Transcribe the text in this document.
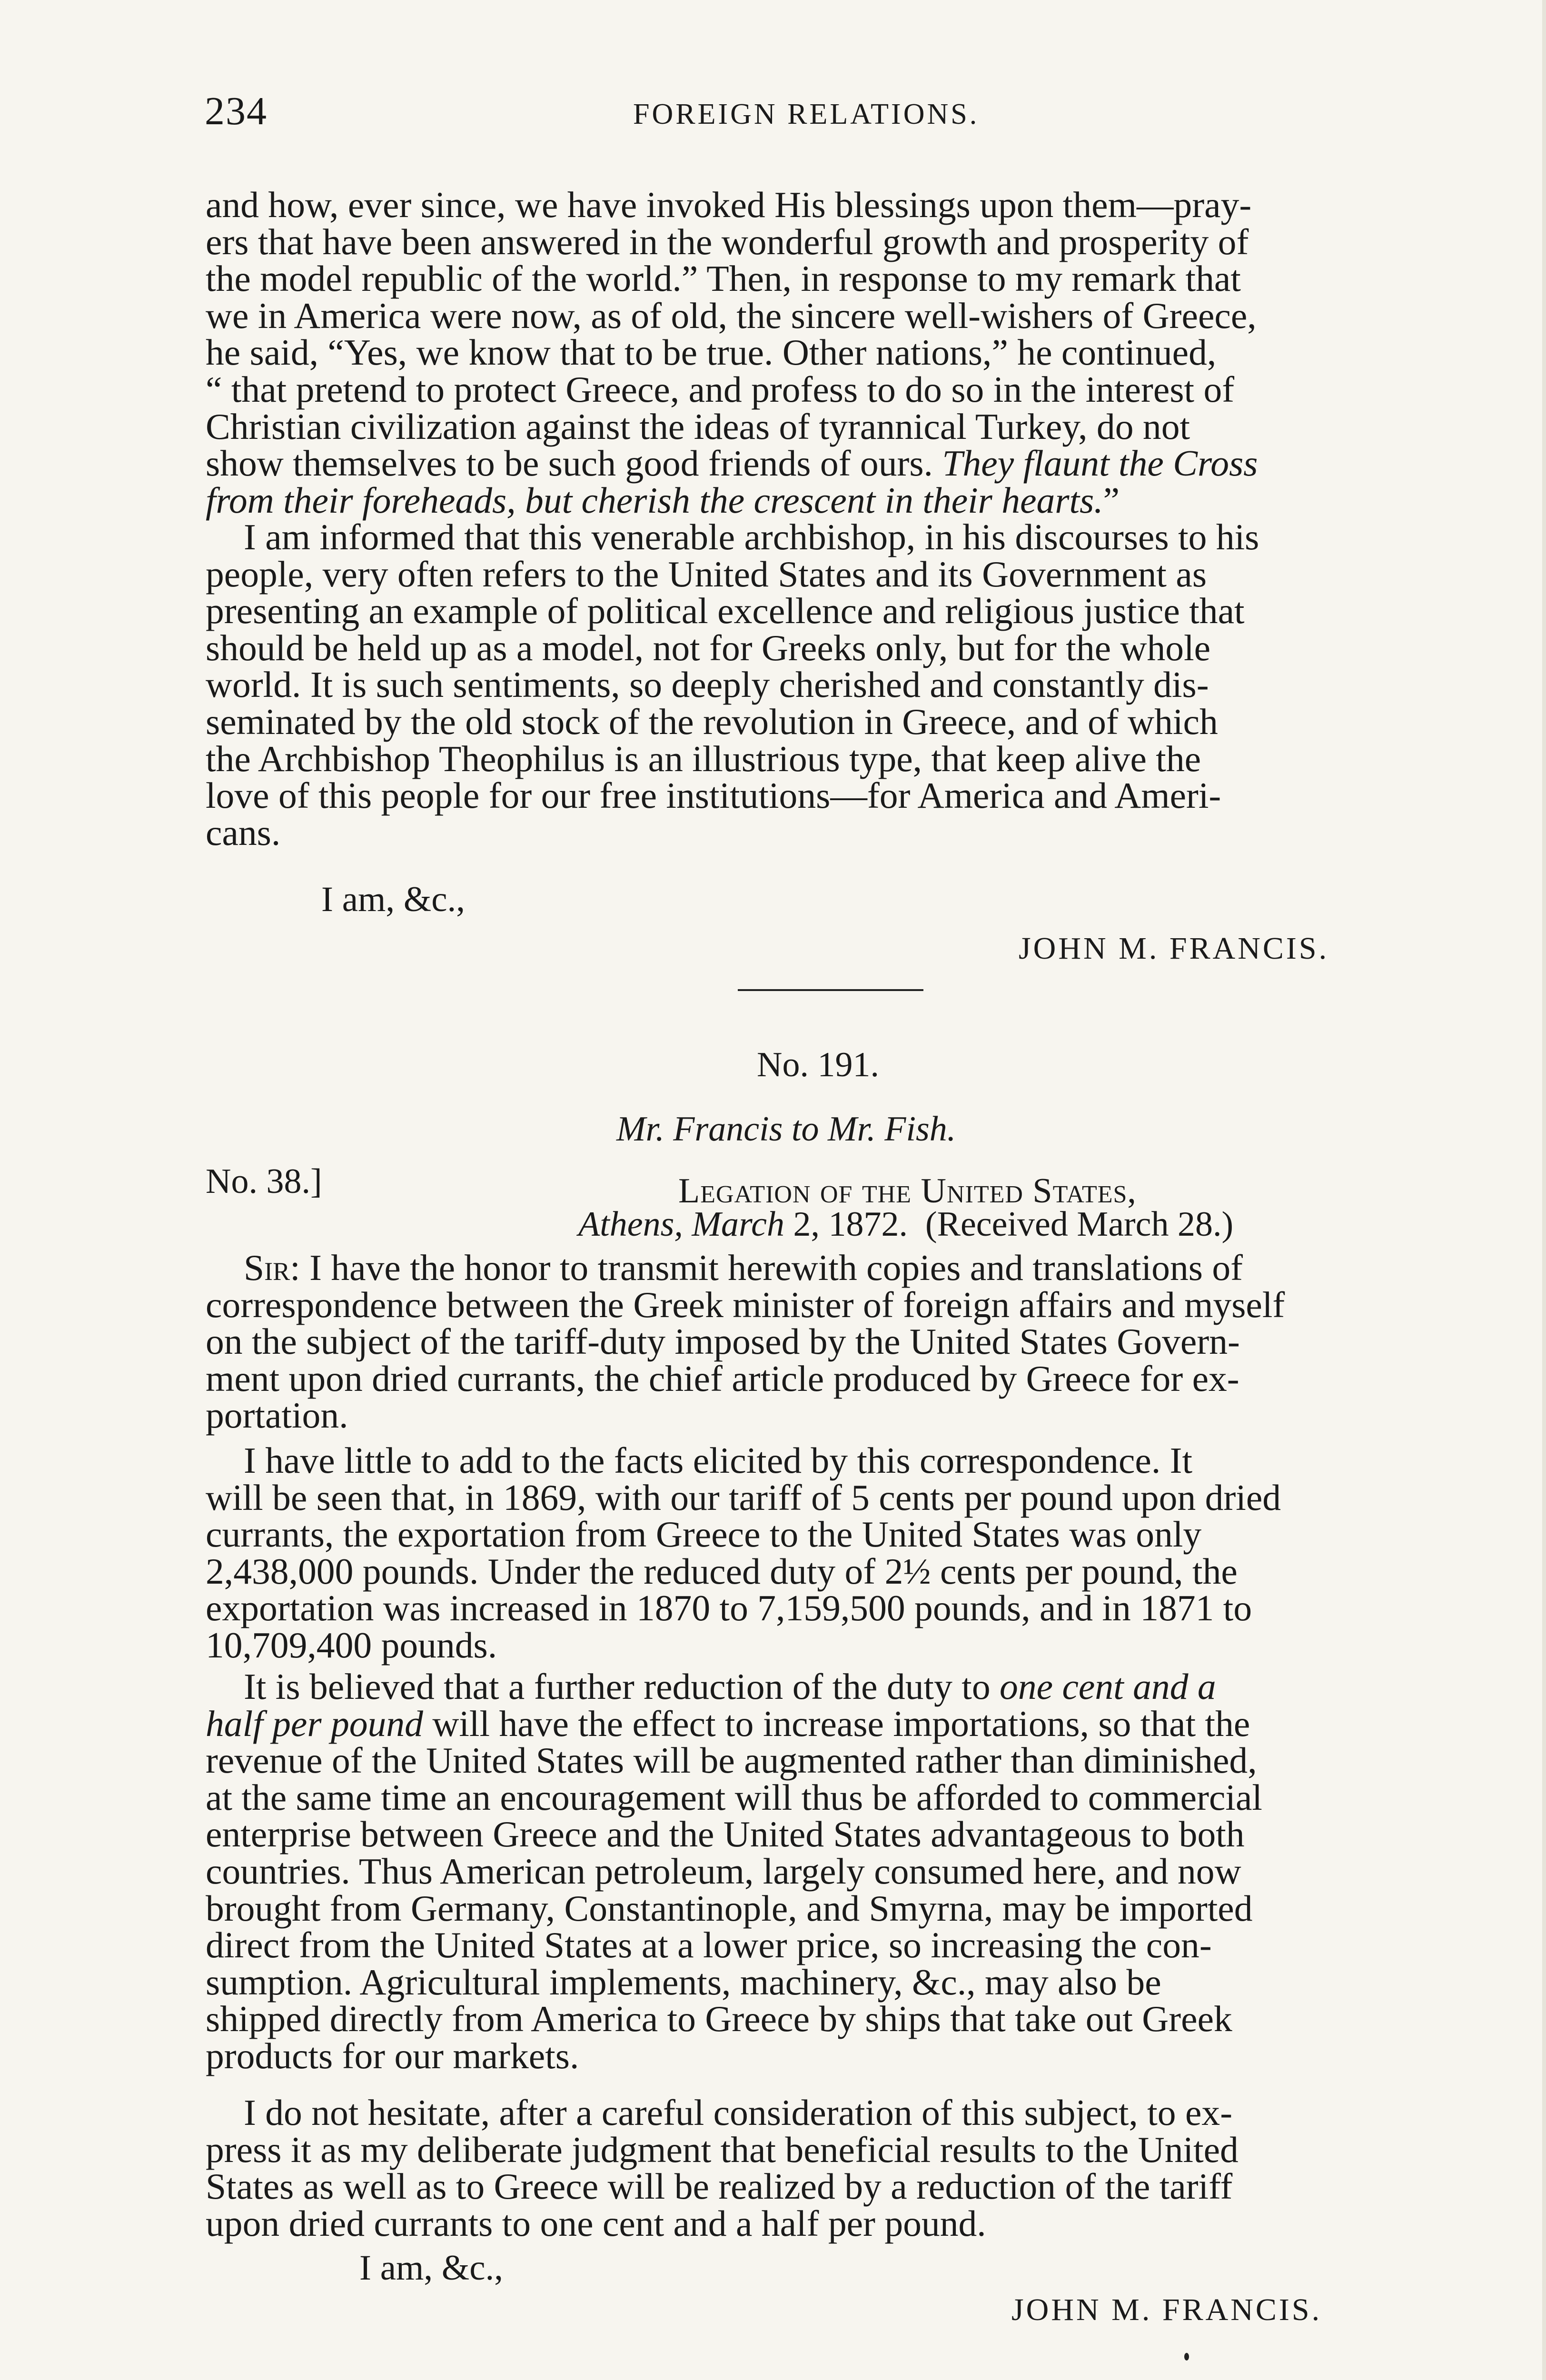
234	FOREIGN RELATIONS.

and how, ever since, we have invoked His blessings upon them—pray-

ers that have been answered in the wonderful growth and prosperity of

the model republic of the world.” Then, in response to my remark that

we in America were now, as of old, the sincere well-wishers of Greece,

he said, “Yes, we know that to be true. Other nations,” he continued,

“ that pretend to protect Greece, and profess to do so in the interest of

Christian civilization against the ideas of tyrannical Turkey, do not

show themselves to be such good friends of ours. They flaunt the Cross

from their foreheads, but cherish the crescent in their hearts.”

I am informed that this venerable archbishop, in his discourses to his

people, very often refers to the United States and its Government as

presenting an example of political excellence and religious justice that

should be held up as a model, not for Greeks only, but for the whole

world. It is such sentiments, so deeply cherished and constantly dis-

seminated by the old stock of the revolution in Greece, and of which

the Archbishop Theophilus is an illustrious type, that keep alive the

love of this people for our free institutions—for America and Ameri-

cans.

I am, &c.,
JOHN M. FRANCIS.
No. 191.
Mr. Francis to Mr. Fish.
No. 38.]	Legation of the United States,
Athens, March 2, 1872. (Received March 28.)

Sir: I have the honor to transmit herewith copies and translations of

correspondence between the Greek minister of foreign affairs and myself

on the subject of the tariff-duty imposed by the United States Govern-

ment upon dried currants, the chief article produced by Greece for ex-

portation.

I have little to add to the facts elicited by this correspondence. It

will be seen that, in 1869, with our tariff of 5 cents per pound upon dried

currants, the exportation from Greece to the United States was only

2,438,000 pounds. Under the reduced duty of 2½ cents per pound, the

exportation was increased in 1870 to 7,159,500 pounds, and in 1871 to

10,709,400 pounds.

It is believed that a further reduction of the duty to one cent and a

half per pound will have the effect to increase importations, so that the

revenue of the United States will be augmented rather than diminished,

at the same time an encouragement will thus be afforded to commercial

enterprise between Greece and the United States advantageous to both

countries. Thus American petroleum, largely consumed here, and now

brought from Germany, Constantinople, and Smyrna, may be imported

direct from the United States at a lower price, so increasing the con-

sumption. Agricultural implements, machinery, &c., may also be

shipped directly from America to Greece by ships that take out Greek

products for our markets.

I do not hesitate, after a careful consideration of this subject, to ex-

press it as my deliberate judgment that beneficial results to the United

States as well as to Greece will be realized by a reduction of the tariff

upon dried currants to one cent and a half per pound.

I am, &c.,
JOHN M. FRANCIS.
